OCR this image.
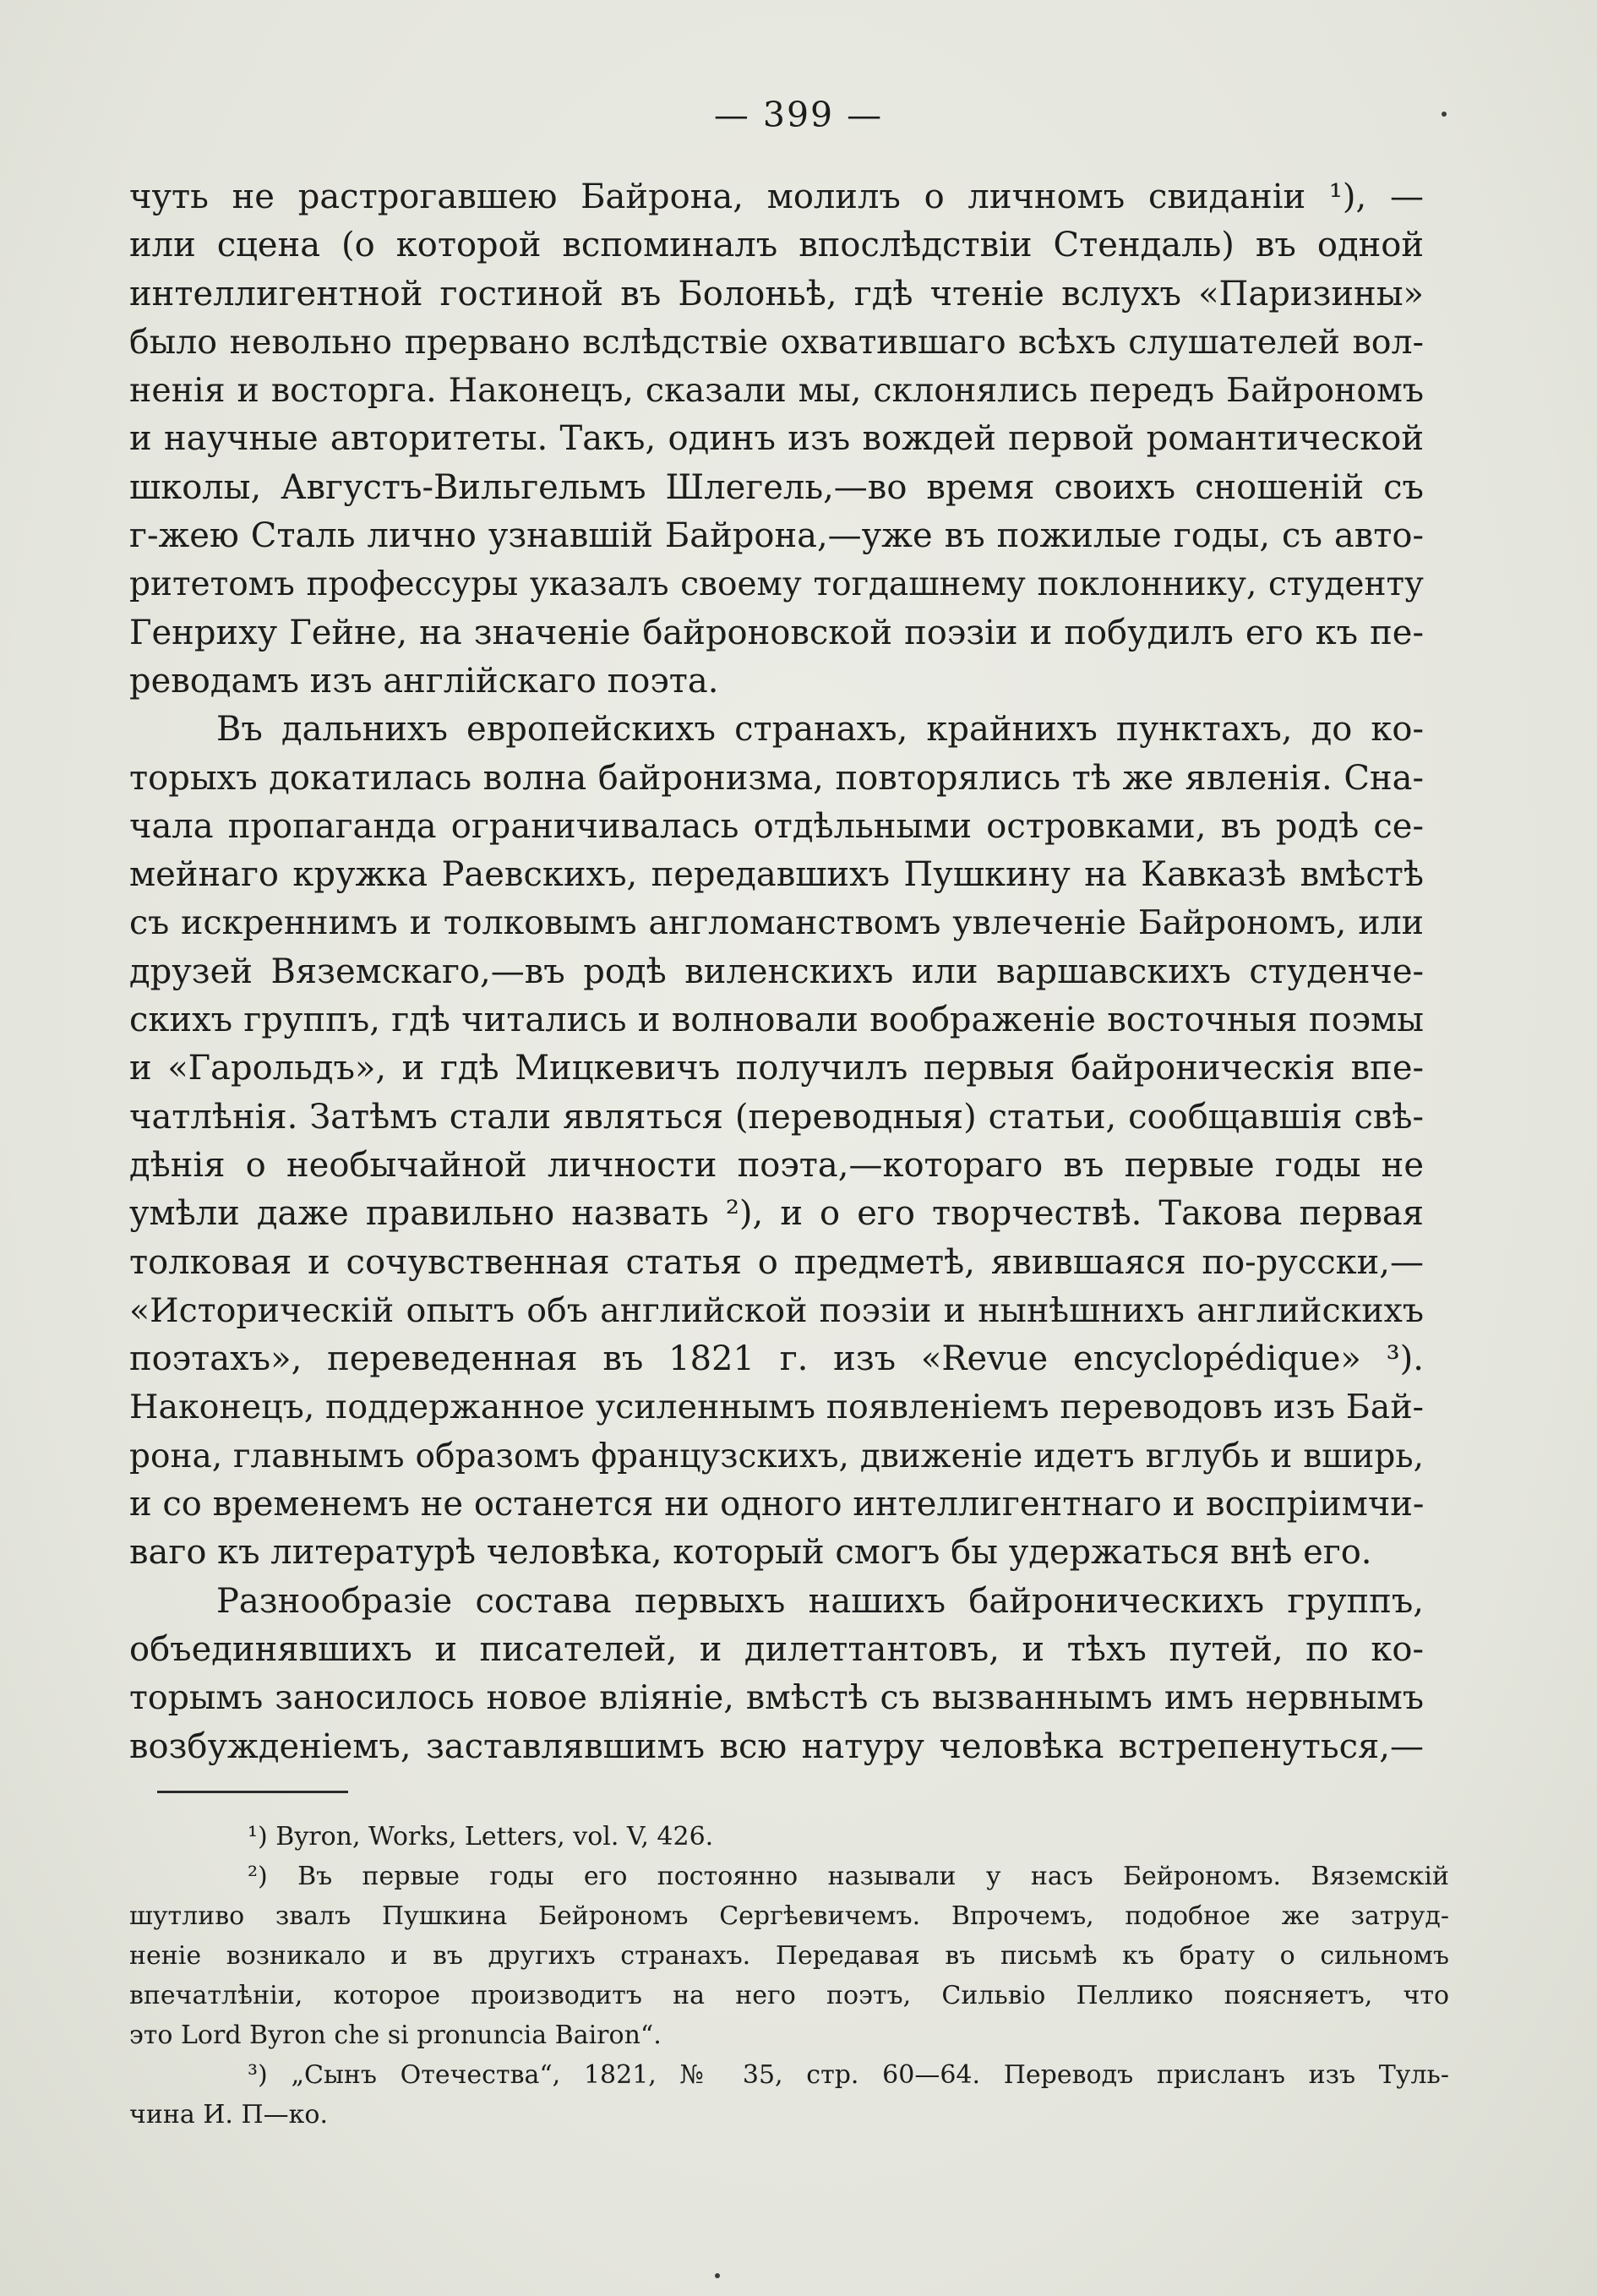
— 399 —
чуть не растрогавшею Байрона, молилъ о личномъ свиданіи ¹), —
или сцена (о которой вспоминалъ впослѣдствіи Стендаль) въ одной
интеллигентной гостиной въ Болоньѣ, гдѣ чтеніе вслухъ «Паризины»
было невольно прервано вслѣдствіе охватившаго всѣхъ слушателей вол-
ненія и восторга. Наконецъ, сказали мы, склонялись передъ Байрономъ
и научные авторитеты. Такъ, одинъ изъ вождей первой романтической
школы, Августъ-Вильгельмъ Шлегель,—во время своихъ сношеній съ
г-жею Сталь лично узнавшій Байрона,—уже въ пожилые годы, съ авто-
ритетомъ профессуры указалъ своему тогдашнему поклоннику, студенту
Генриху Гейне, на значеніе байроновской поэзіи и побудилъ его къ пе-
реводамъ изъ англійскаго поэта.
Въ дальнихъ европейскихъ странахъ, крайнихъ пунктахъ, до ко-
торыхъ докатилась волна байронизма, повторялись тѣ же явленія. Сна-
чала пропаганда ограничивалась отдѣльными островками, въ родѣ се-
мейнаго кружка Раевскихъ, передавшихъ Пушкину на Кавказѣ вмѣстѣ
съ искреннимъ и толковымъ англоманствомъ увлеченіе Байрономъ, или
друзей Вяземскаго,—въ родѣ виленскихъ или варшавскихъ студенче-
скихъ группъ, гдѣ читались и волновали воображеніе восточныя поэмы
и «Гарольдъ», и гдѣ Мицкевичъ получилъ первыя байроническія впе-
чатлѣнія. Затѣмъ стали являться (переводныя) статьи, сообщавшія свѣ-
дѣнія о необычайной личности поэта,—котораго въ первые годы не
умѣли даже правильно назвать ²), и о его творчествѣ. Такова первая
толковая и сочувственная статья о предметѣ, явившаяся по-русски,—
«Историческій опытъ объ английской поэзіи и нынѣшнихъ английскихъ
поэтахъ», переведенная въ 1821 г. изъ «Revue encyclopédique» ³).
Наконецъ, поддержанное усиленнымъ появленіемъ переводовъ изъ Бай-
рона, главнымъ образомъ французскихъ, движеніе идетъ вглубь и вширь,
и со временемъ не останется ни одного интеллигентнаго и воспріимчи-
ваго къ литературѣ человѣка, который смогъ бы удержаться внѣ его.
Разнообразіе состава первыхъ нашихъ байроническихъ группъ,
объединявшихъ и писателей, и дилеттантовъ, и тѣхъ путей, по ко-
торымъ заносилось новое вліяніе, вмѣстѣ съ вызваннымъ имъ нервнымъ
возбужденіемъ, заставлявшимъ всю натуру человѣка встрепенуться,—
¹) Byron, Works, Letters, vol. V, 426.
²) Въ первые годы его постоянно называли у насъ Бейрономъ. Вяземскій
шутливо звалъ Пушкина Бейрономъ Сергѣевичемъ. Впрочемъ, подобное же затруд-
неніе возникало и въ другихъ странахъ. Передавая въ письмѣ къ брату о сильномъ
впечатлѣніи, которое производитъ на него поэтъ, Сильвіо Пеллико поясняетъ, что
это Lord Byron che si pronuncia Bairon“.
³) „Сынъ Отечества“, 1821, № 35, стр. 60—64. Переводъ присланъ изъ Туль-
чина И. П—ко.
